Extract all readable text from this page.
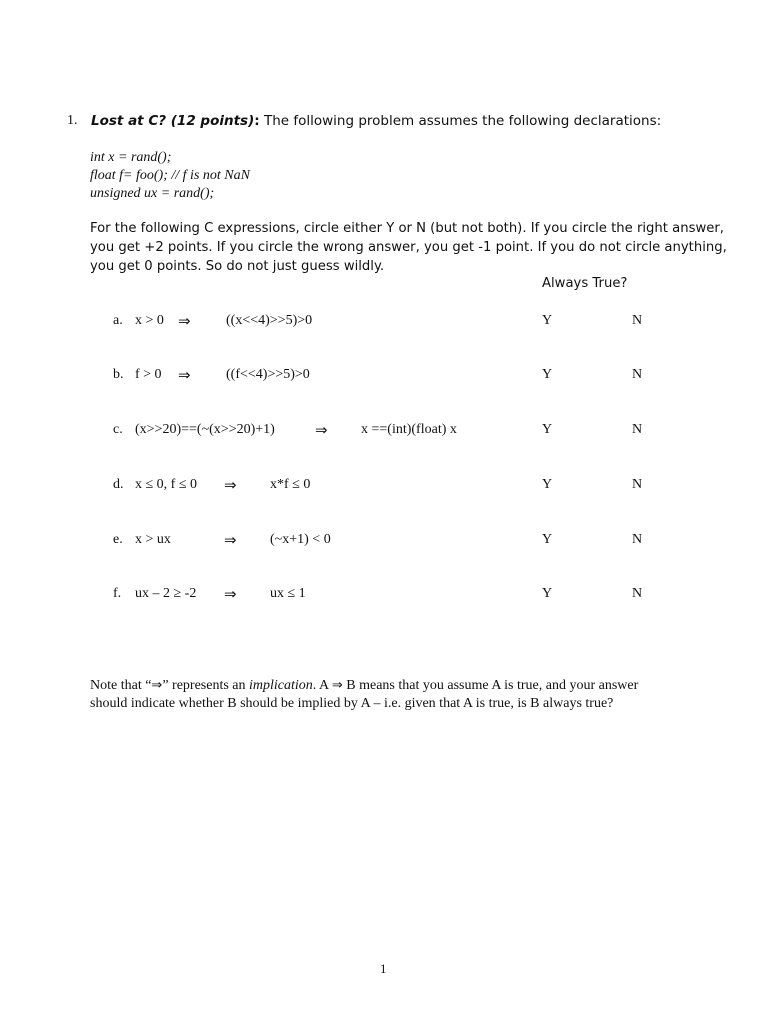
1. Lost at C? (12 points): The following problem assumes the following declarations:
int x = rand();
float f= foo(); // f is not NaN
unsigned ux = rand();
For the following C expressions, circle either Y or N (but not both). If you circle the right answer,
you get +2 points. If you circle the wrong answer, you get -1 point. If you do not circle anything,
you get 0 points. So do not just guess wildly.
Always True?
a. x > 0 ⇒	((x<<4)>>5)>0	Y	N
b. f > 0 ⇒	((f<<4)>>5)>0	Y	N
c. (x>>20)==(~(x>>20)+1)	⇒ x ==(int)(float) x	Y	N
d. x ≤ 0, f ≤ 0 ⇒ x*f ≤ 0	Y	N
e. x > ux	⇒ (~x+1) < 0	Y	N
f. ux – 2 ≥ -2 ⇒ ux ≤ 1	Y	N
Note that “⇒” represents an implication. A ⇒ B means that you assume A is true, and your answer
should indicate whether B should be implied by A – i.e. given that A is true, is B always true?
1
